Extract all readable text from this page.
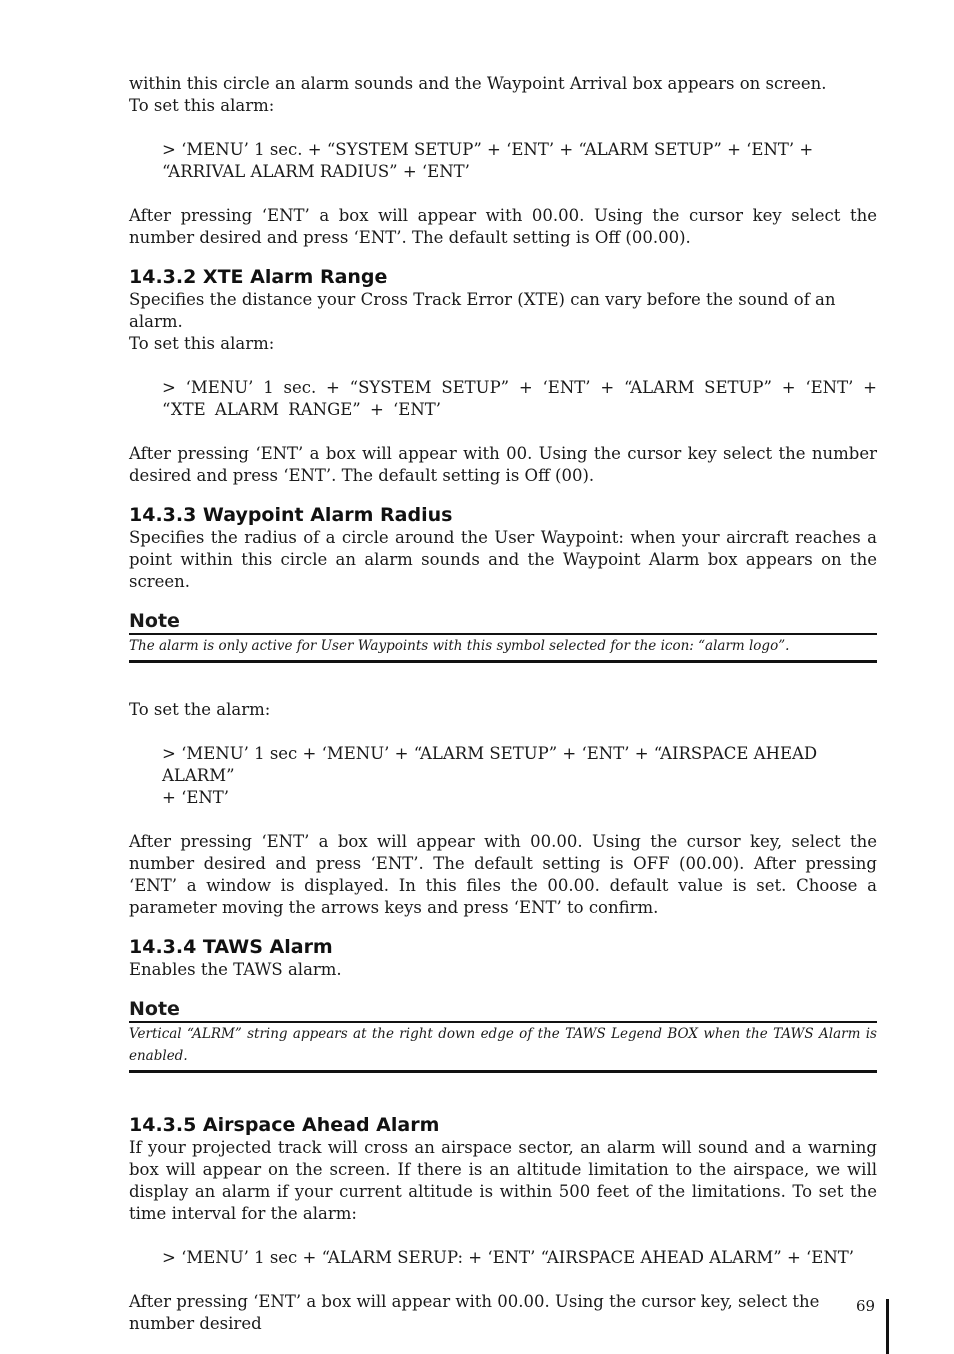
within this circle an alarm sounds and the Waypoint Arrival box appears on screen.

To set this alarm:

> ‘MENU’ 1 sec. + “SYSTEM SETUP” + ‘ENT’ + “ALARM SETUP” + ‘ENT’ + “ARRIVAL ALARM RADIUS” + ‘ENT’

After pressing ‘ENT’ a box will appear with 00.00. Using the cursor key select the number desired and press ‘ENT’. The default setting is Off (00.00).

14.3.2 XTE Alarm Range

Specifies the distance your Cross Track Error (XTE) can vary before the sound of an alarm.

To set this alarm:

> ‘MENU’ 1 sec. + “SYSTEM SETUP” + ‘ENT’ + “ALARM SETUP” + ‘ENT’ + “XTE ALARM RANGE” + ‘ENT’

After pressing ‘ENT’ a box will appear with 00. Using the cursor key select the number desired and press ‘ENT’. The default setting is Off (00).

14.3.3 Waypoint Alarm Radius

Specifies the radius of a circle around the User Waypoint: when your aircraft reaches a point within this circle an alarm sounds and the Waypoint Alarm box appears on the screen.

Note
The alarm is only active for User Waypoints with this symbol selected for the icon: “alarm logo”.

To set the alarm:

> ‘MENU’ 1 sec + ‘MENU’ + “ALARM SETUP” + ‘ENT’ + “AIRSPACE AHEAD ALARM”

+ ‘ENT’

After pressing ‘ENT’ a box will appear with 00.00. Using the cursor key, select the number desired and press ‘ENT’. The default setting is OFF (00.00). After pressing ‘ENT’ a window is displayed. In this files the 00.00. default value is set. Choose a parameter moving the arrows keys and press ‘ENT’ to confirm.

14.3.4 TAWS Alarm

Enables the TAWS alarm.

Note
Vertical “ALRM” string appears at the right down edge of the TAWS Legend BOX when the TAWS Alarm is enabled.
14.3.5 Airspace Ahead Alarm

If your projected track will cross an airspace sector, an alarm will sound and a warning box will appear on the screen. If there is an altitude limitation to the airspace, we will display an alarm if your current altitude is within 500 feet of the limitations. To set the time interval for the alarm:

> ‘MENU’ 1 sec + “ALARM SERUP: + ‘ENT’ “AIRSPACE AHEAD ALARM” + ‘ENT’

After pressing ‘ENT’ a box will appear with 00.00. Using the cursor key, select the number desired

69
